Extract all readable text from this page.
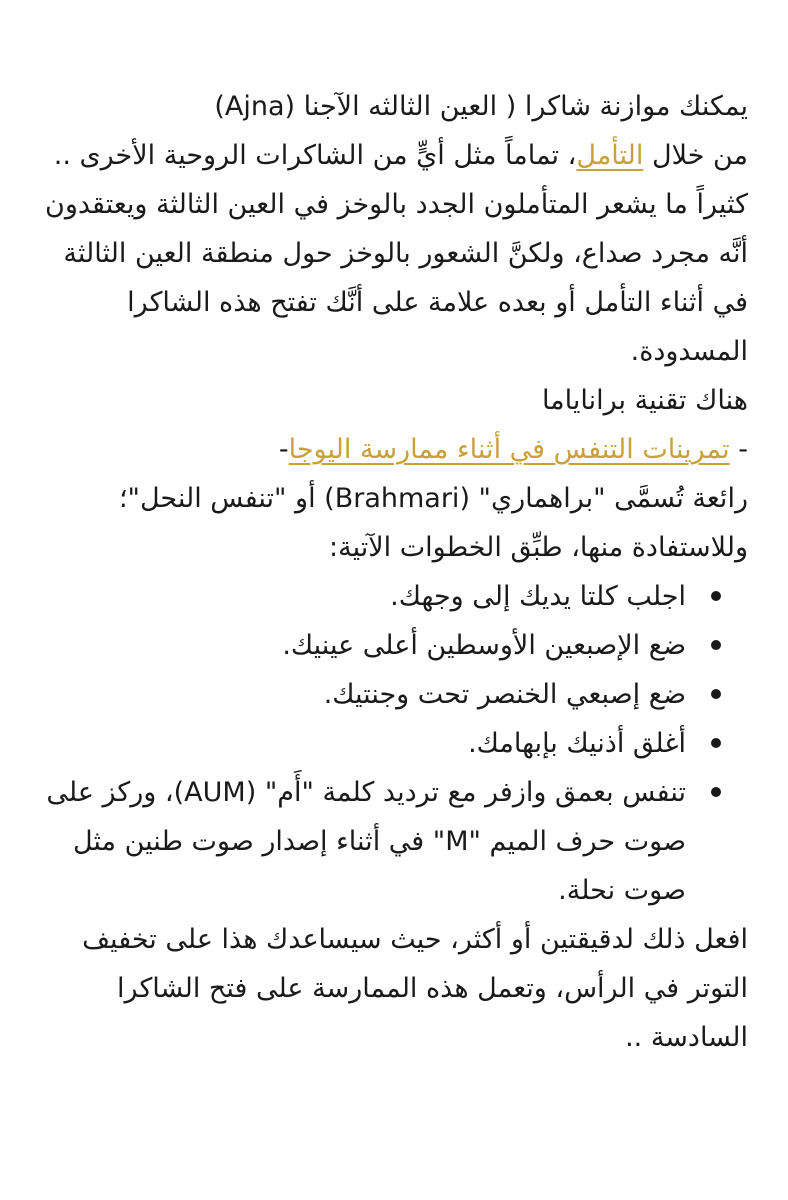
يمكنك موازنة شاكرا ( العين الثالثه الآجنا (Ajna)
من خلال التأمل، تماماً مثل أيٍّ من الشاكرات الروحية الأخرى ..

كثيراً ما يشعر المتأملون الجدد بالوخز في العين الثالثة ويعتقدون أنَّه مجرد صداع، ولكنَّ الشعور بالوخز حول منطقة العين الثالثة في أثناء التأمل أو بعده علامة على أنَّك تفتح هذه الشاكرا المسدودة.

هناك تقنية براناياما
- تمرينات التنفس في أثناء ممارسة اليوجا-
رائعة تُسمَّى "براهماري" (Brahmari) أو "تنفس النحل"؛ وللاستفادة منها، طبِّق الخطوات الآتية:

اجلب كلتا يديك إلى وجهك.
ضع الإصبعين الأوسطين أعلى عينيك.
ضع إصبعي الخنصر تحت وجنتيك.
أغلق أذنيك بإبهامك.
تنفس بعمق وازفر مع ترديد كلمة "أَم" (AUM)، وركز على صوت حرف الميم "M" في أثناء إصدار صوت طنين مثل صوت نحلة.

افعل ذلك لدقيقتين أو أكثر، حيث سيساعدك هذا على تخفيف التوتر في الرأس، وتعمل هذه الممارسة على فتح الشاكرا السادسة ..
